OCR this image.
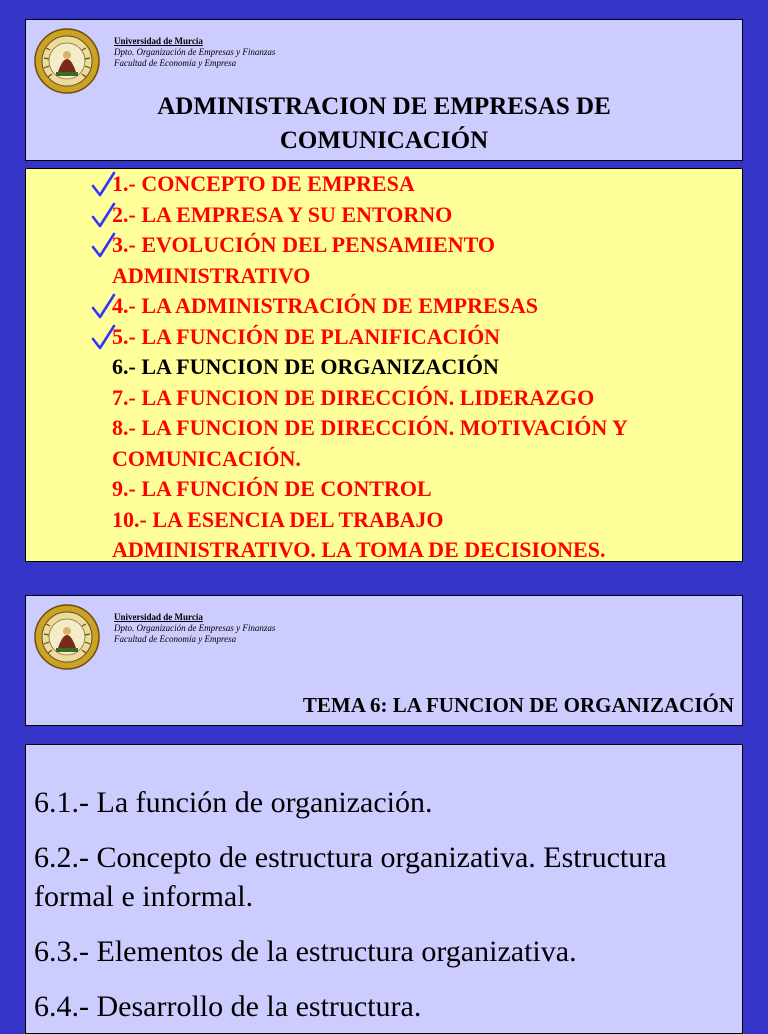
Universidad de Murcia
Dpto. Organización de Empresas y Finanzas
Facultad de Economía y Empresa
ADMINISTRACION DE EMPRESAS DE
COMUNICACIÓN
1.- CONCEPTO DE EMPRESA
2.- LA EMPRESA Y SU ENTORNO
3.- EVOLUCIÓN DEL PENSAMIENTO
ADMINISTRATIVO
4.- LA ADMINISTRACIÓN DE EMPRESAS
5.- LA FUNCIÓN DE PLANIFICACIÓN
6.- LA FUNCION DE ORGANIZACIÓN
7.- LA FUNCION DE DIRECCIÓN. LIDERAZGO
8.- LA FUNCION DE DIRECCIÓN. MOTIVACIÓN Y
COMUNICACIÓN.
9.- LA FUNCIÓN DE CONTROL
10.- LA ESENCIA DEL TRABAJO
ADMINISTRATIVO. LA TOMA DE DECISIONES.
Universidad de Murcia
Dpto. Organización de Empresas y Finanzas
Facultad de Economía y Empresa
TEMA 6: LA FUNCION DE ORGANIZACIÓN
6.1.- La función de organización.
6.2.- Concepto de estructura organizativa. Estructura formal e informal.
6.3.- Elementos de la estructura organizativa.
6.4.- Desarrollo de la estructura.
